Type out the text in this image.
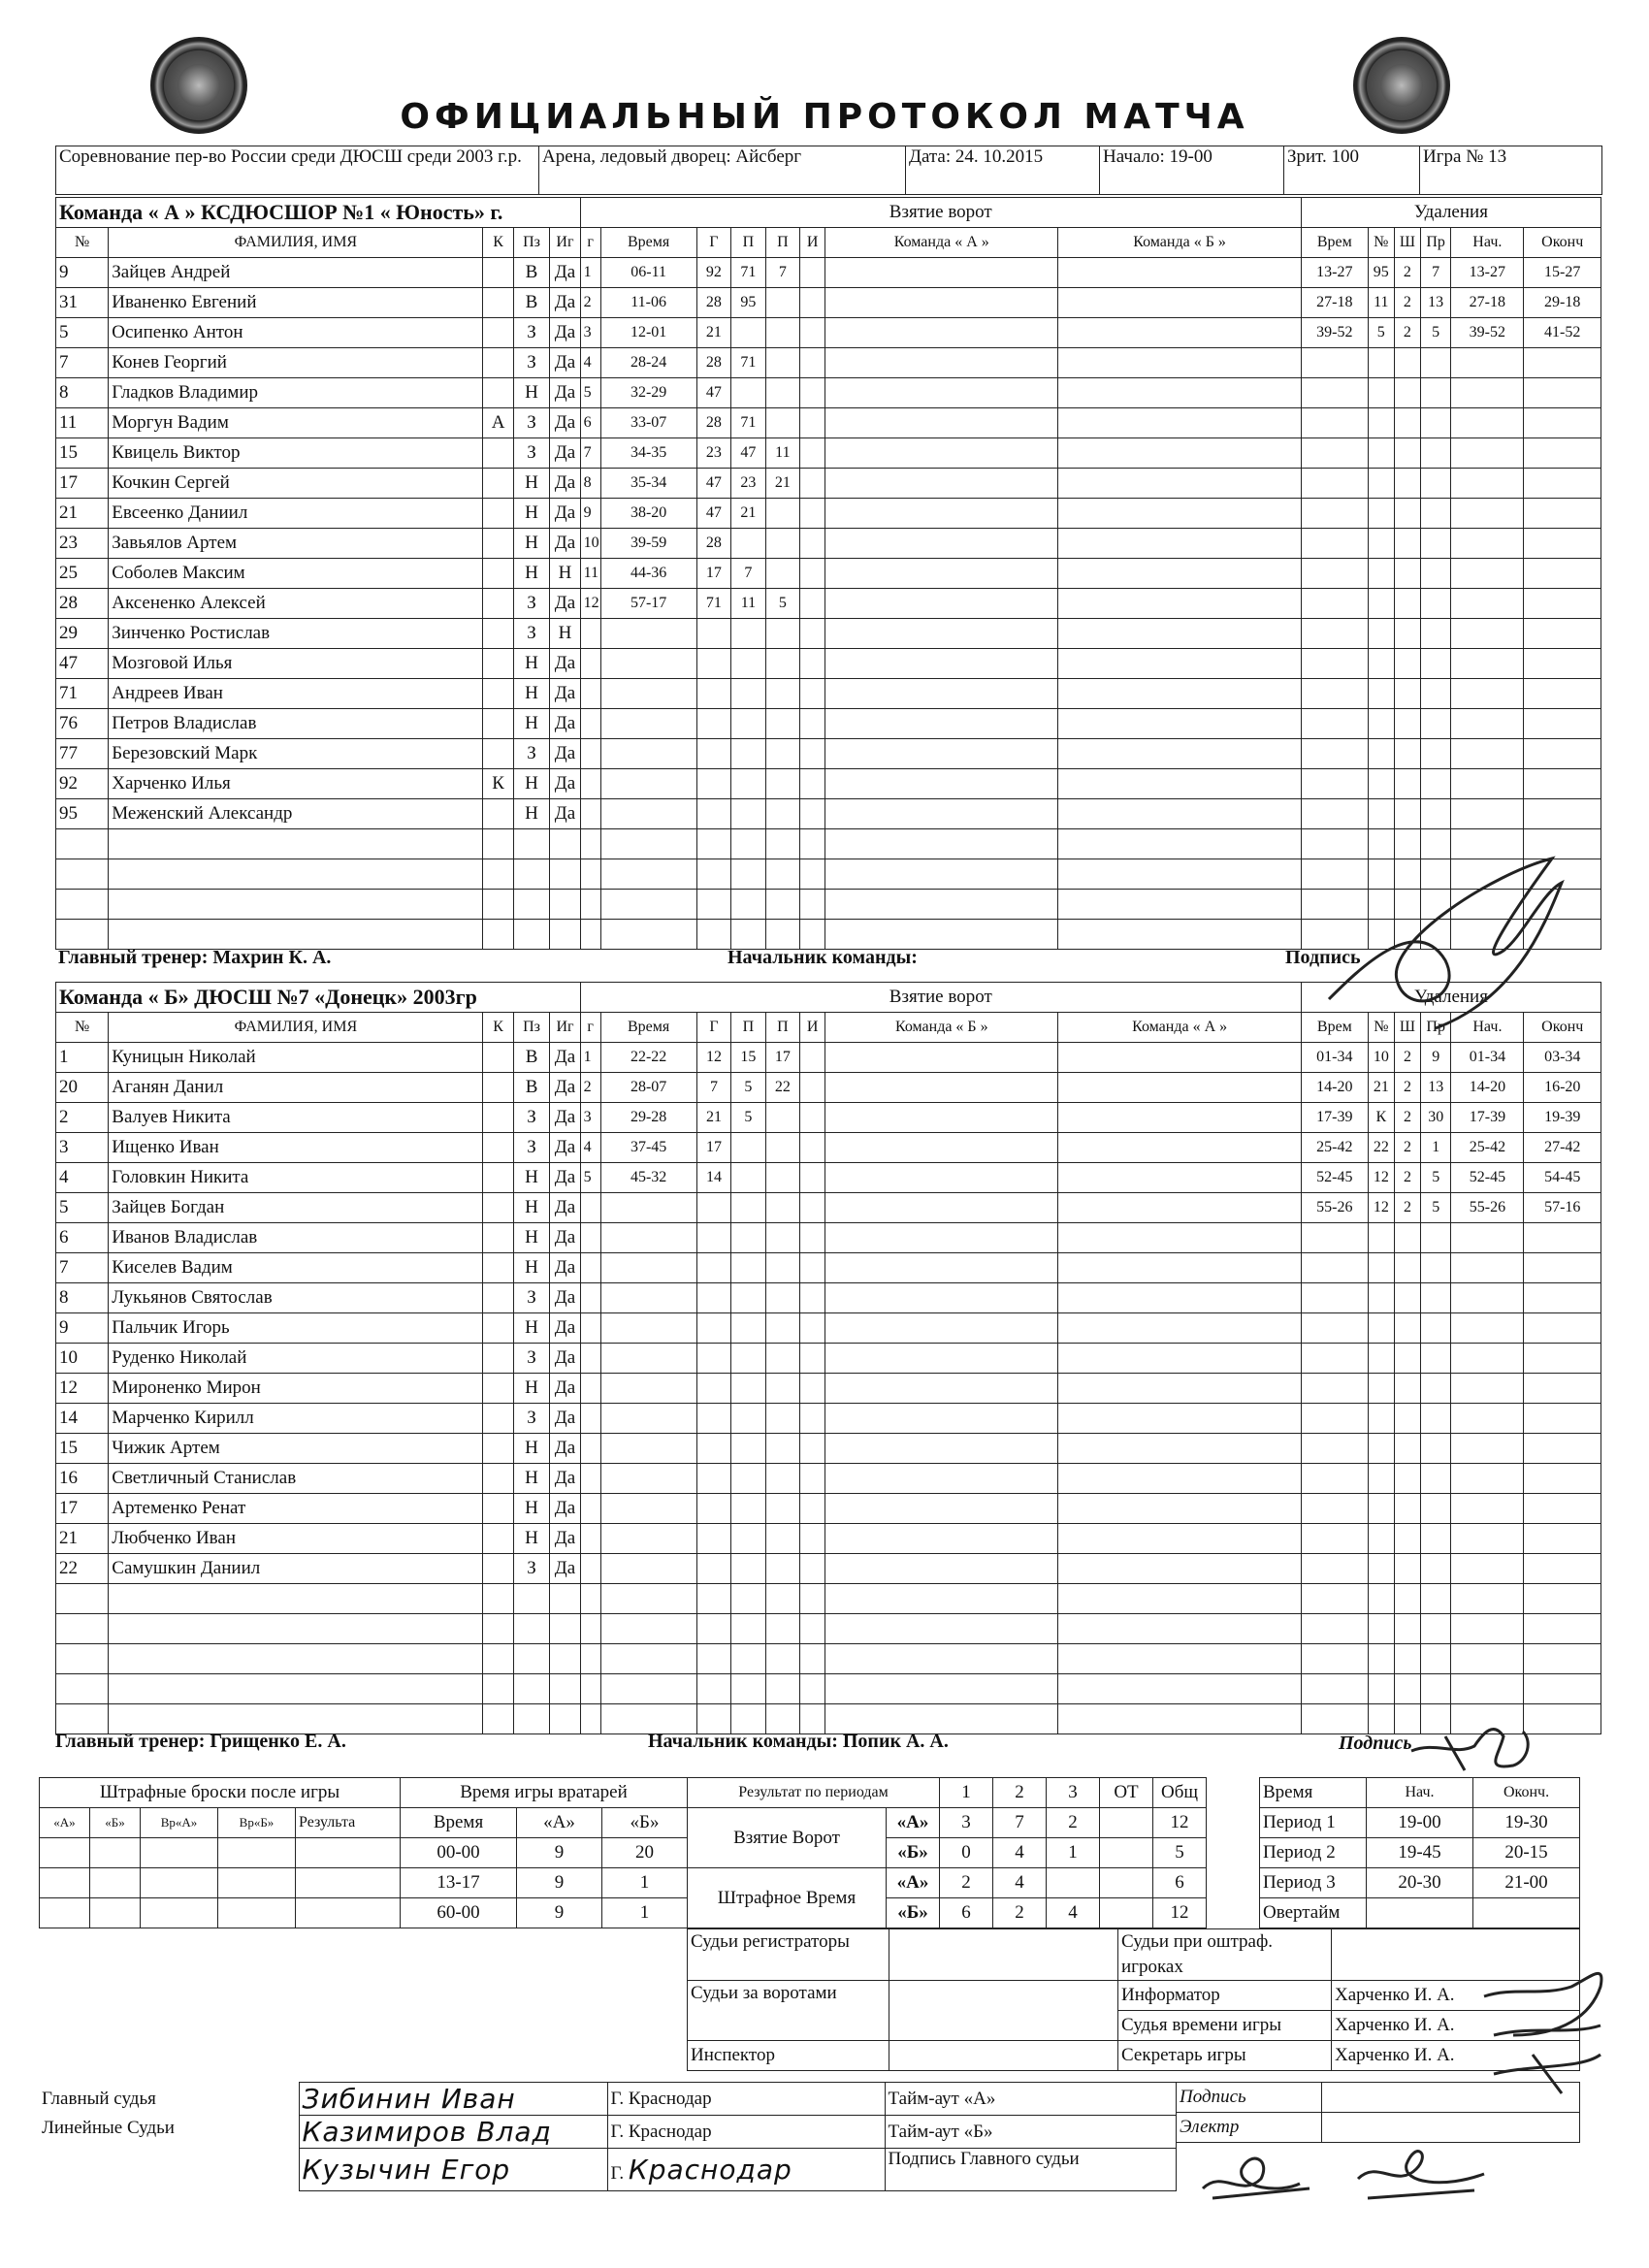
ОФИЦИАЛЬНЫЙ ПРОТОКОЛ МАТЧА
Соревнование пер-во России среди ДЮСШ среди 2003 г.р.	Арена, ледовый дворец: Айсберг	Дата: 24. 10.2015	Начало: 19-00	Зрит. 100	Игра № 13
Команда « А » КСДЮСШОР №1 « Юность» г.					Взятие ворот								Удаления					
№	ФАМИЛИЯ, ИМЯ	К	Пз	Иг	г	Время	Г	П	П	И	Команда « А »	Команда « Б »	Врем	№	Ш	Пр	Нач.	Оконч
9	Зайцев Андрей		В	Да	1	06-11	92	71	7				13-27	95	2	7	13-27	15-27
31	Иваненко Евгений		В	Да	2	11-06	28	95					27-18	11	2	13	27-18	29-18
5	Осипенко Антон		З	Да	3	12-01	21						39-52	5	2	5	39-52	41-52
7	Конев Георгий		З	Да	4	28-24	28	71										
8	Гладков Владимир		Н	Да	5	32-29	47											
11	Моргун Вадим	А	З	Да	6	33-07	28	71										
15	Квицель Виктор		З	Да	7	34-35	23	47	11									
17	Кочкин Сергей		Н	Да	8	35-34	47	23	21									
21	Евсеенко Даниил		Н	Да	9	38-20	47	21										
23	Завьялов Артем		Н	Да	10	39-59	28											
25	Соболев Максим		Н	Н	11	44-36	17	7										
28	Аксененко Алексей		З	Да	12	57-17	71	11	5									
29	Зинченко Ростислав		З	Н														
47	Мозговой Илья		Н	Да														
71	Андреев Иван		Н	Да														
76	Петров Владислав		Н	Да														
77	Березовский Марк		З	Да														
92	Харченко Илья	К	Н	Да														
95	Меженский Александр		Н	Да														

Главный тренер: Махрин К. А.	Начальник команды:	Подпись
Команда « Б» ДЮСШ №7 «Донецк» 2003гр					Взятие ворот								Удаления					
№	ФАМИЛИЯ, ИМЯ	К	Пз	Иг	г	Время	Г	П	П	И	Команда « Б »	Команда « А »	Врем	№	Ш	Пр	Нач.	Оконч
1	Куницын Николай		В	Да	1	22-22	12	15	17				01-34	10	2	9	01-34	03-34
20	Аганян Данил		В	Да	2	28-07	7	5	22				14-20	21	2	13	14-20	16-20
2	Валуев Никита		З	Да	3	29-28	21	5					17-39	К	2	30	17-39	19-39
3	Ищенко Иван		З	Да	4	37-45	17						25-42	22	2	1	25-42	27-42
4	Головкин Никита		Н	Да	5	45-32	14						52-45	12	2	5	52-45	54-45
5	Зайцев Богдан		Н	Да									55-26	12	2	5	55-26	57-16
6	Иванов Владислав		Н	Да														
7	Киселев Вадим		Н	Да														
8	Лукьянов Святослав		З	Да														
9	Пальчик Игорь		Н	Да														
10	Руденко Николай		З	Да														
12	Мироненко Мирон		Н	Да														
14	Марченко Кирилл		З	Да														
15	Чижик Артем		Н	Да														
16	Светличный Станислав		Н	Да														
17	Артеменко Ренат		Н	Да														
21	Любченко Иван		Н	Да														
22	Самушкин Даниил		З	Да														

Главный тренер: Грищенко Е. А.	Начальник команды: Попик А. А.	Подпись
Штрафные броски после игры				
«А»	«Б»	Вр«А»	Вр«Б»	Результа

Время игры вратарей		
Время	«А»	«Б»
00-00	9	20
13-17	9	1
60-00	9	1
Результат по периодам		1	2	3	ОТ	Общ
Взятие Ворот	«А»	3	7	2		12
	«Б»	0	4	1		5
Штрафное Время	«А»	2	4			6
	«Б»	6	2	4		12
Время	Нач.	Оконч.
Период 1	19-00	19-30
Период 2	19-45	20-15
Период 3	20-30	21-00
Овертайм		
Судьи регистраторы		Судьи при оштраф. игроках	

Судьи за воротами		Информатор	Харченко И. А.
		Судья времени игры	Харченко И. А.
Инспектор		Секретарь игры	Харченко И. А.
Главный судья	Зибинин Иван	Г. Краснодар	Тайм-аут «А»
Линейные Судьи	Казимиров Влад	Г. Краснодар	Тайм-аут «Б»
	Кузычин Егор	Г. Краснодар	Подпись Главного судьи
Подпись	
Электр	
